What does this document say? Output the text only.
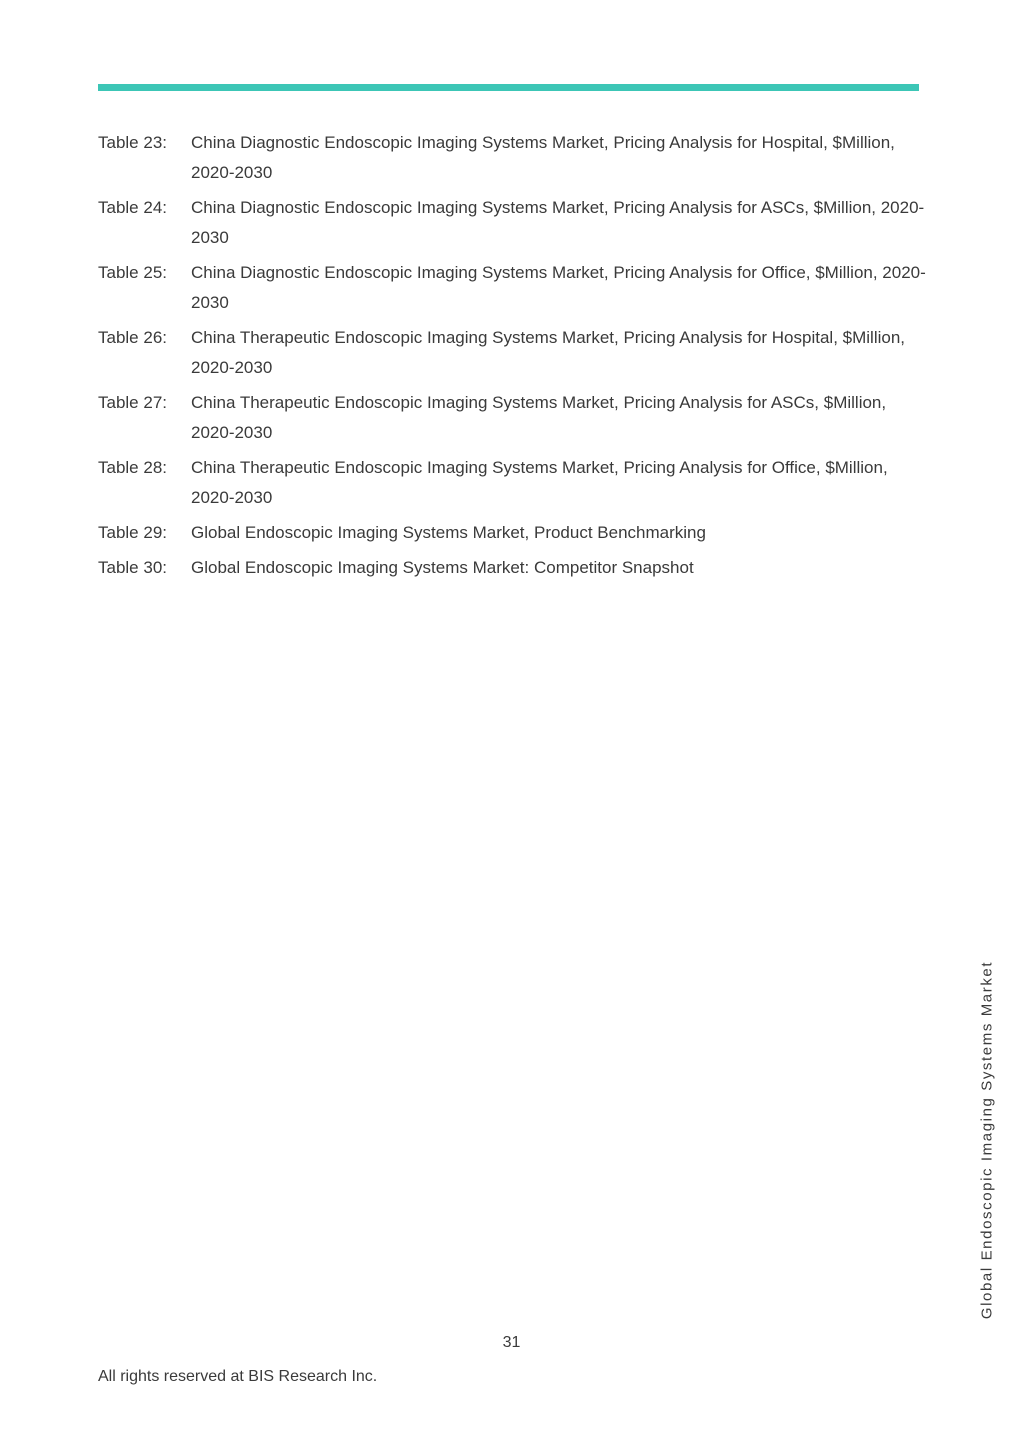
Table 23:	China Diagnostic Endoscopic Imaging Systems Market, Pricing Analysis for Hospital, $Million, 2020-2030
Table 24:	China Diagnostic Endoscopic Imaging Systems Market, Pricing Analysis for ASCs, $Million, 2020-2030
Table 25:	China Diagnostic Endoscopic Imaging Systems Market, Pricing Analysis for Office, $Million, 2020-2030
Table 26:	China Therapeutic Endoscopic Imaging Systems Market, Pricing Analysis for Hospital, $Million, 2020-2030
Table 27:	China Therapeutic Endoscopic Imaging Systems Market, Pricing Analysis for ASCs, $Million, 2020-2030
Table 28:	China Therapeutic Endoscopic Imaging Systems Market, Pricing Analysis for Office, $Million, 2020-2030
Table 29:	Global Endoscopic Imaging Systems Market, Product Benchmarking
Table 30:	Global Endoscopic Imaging Systems Market: Competitor Snapshot
Global Endoscopic Imaging Systems Market
31
All rights reserved at BIS Research Inc.
